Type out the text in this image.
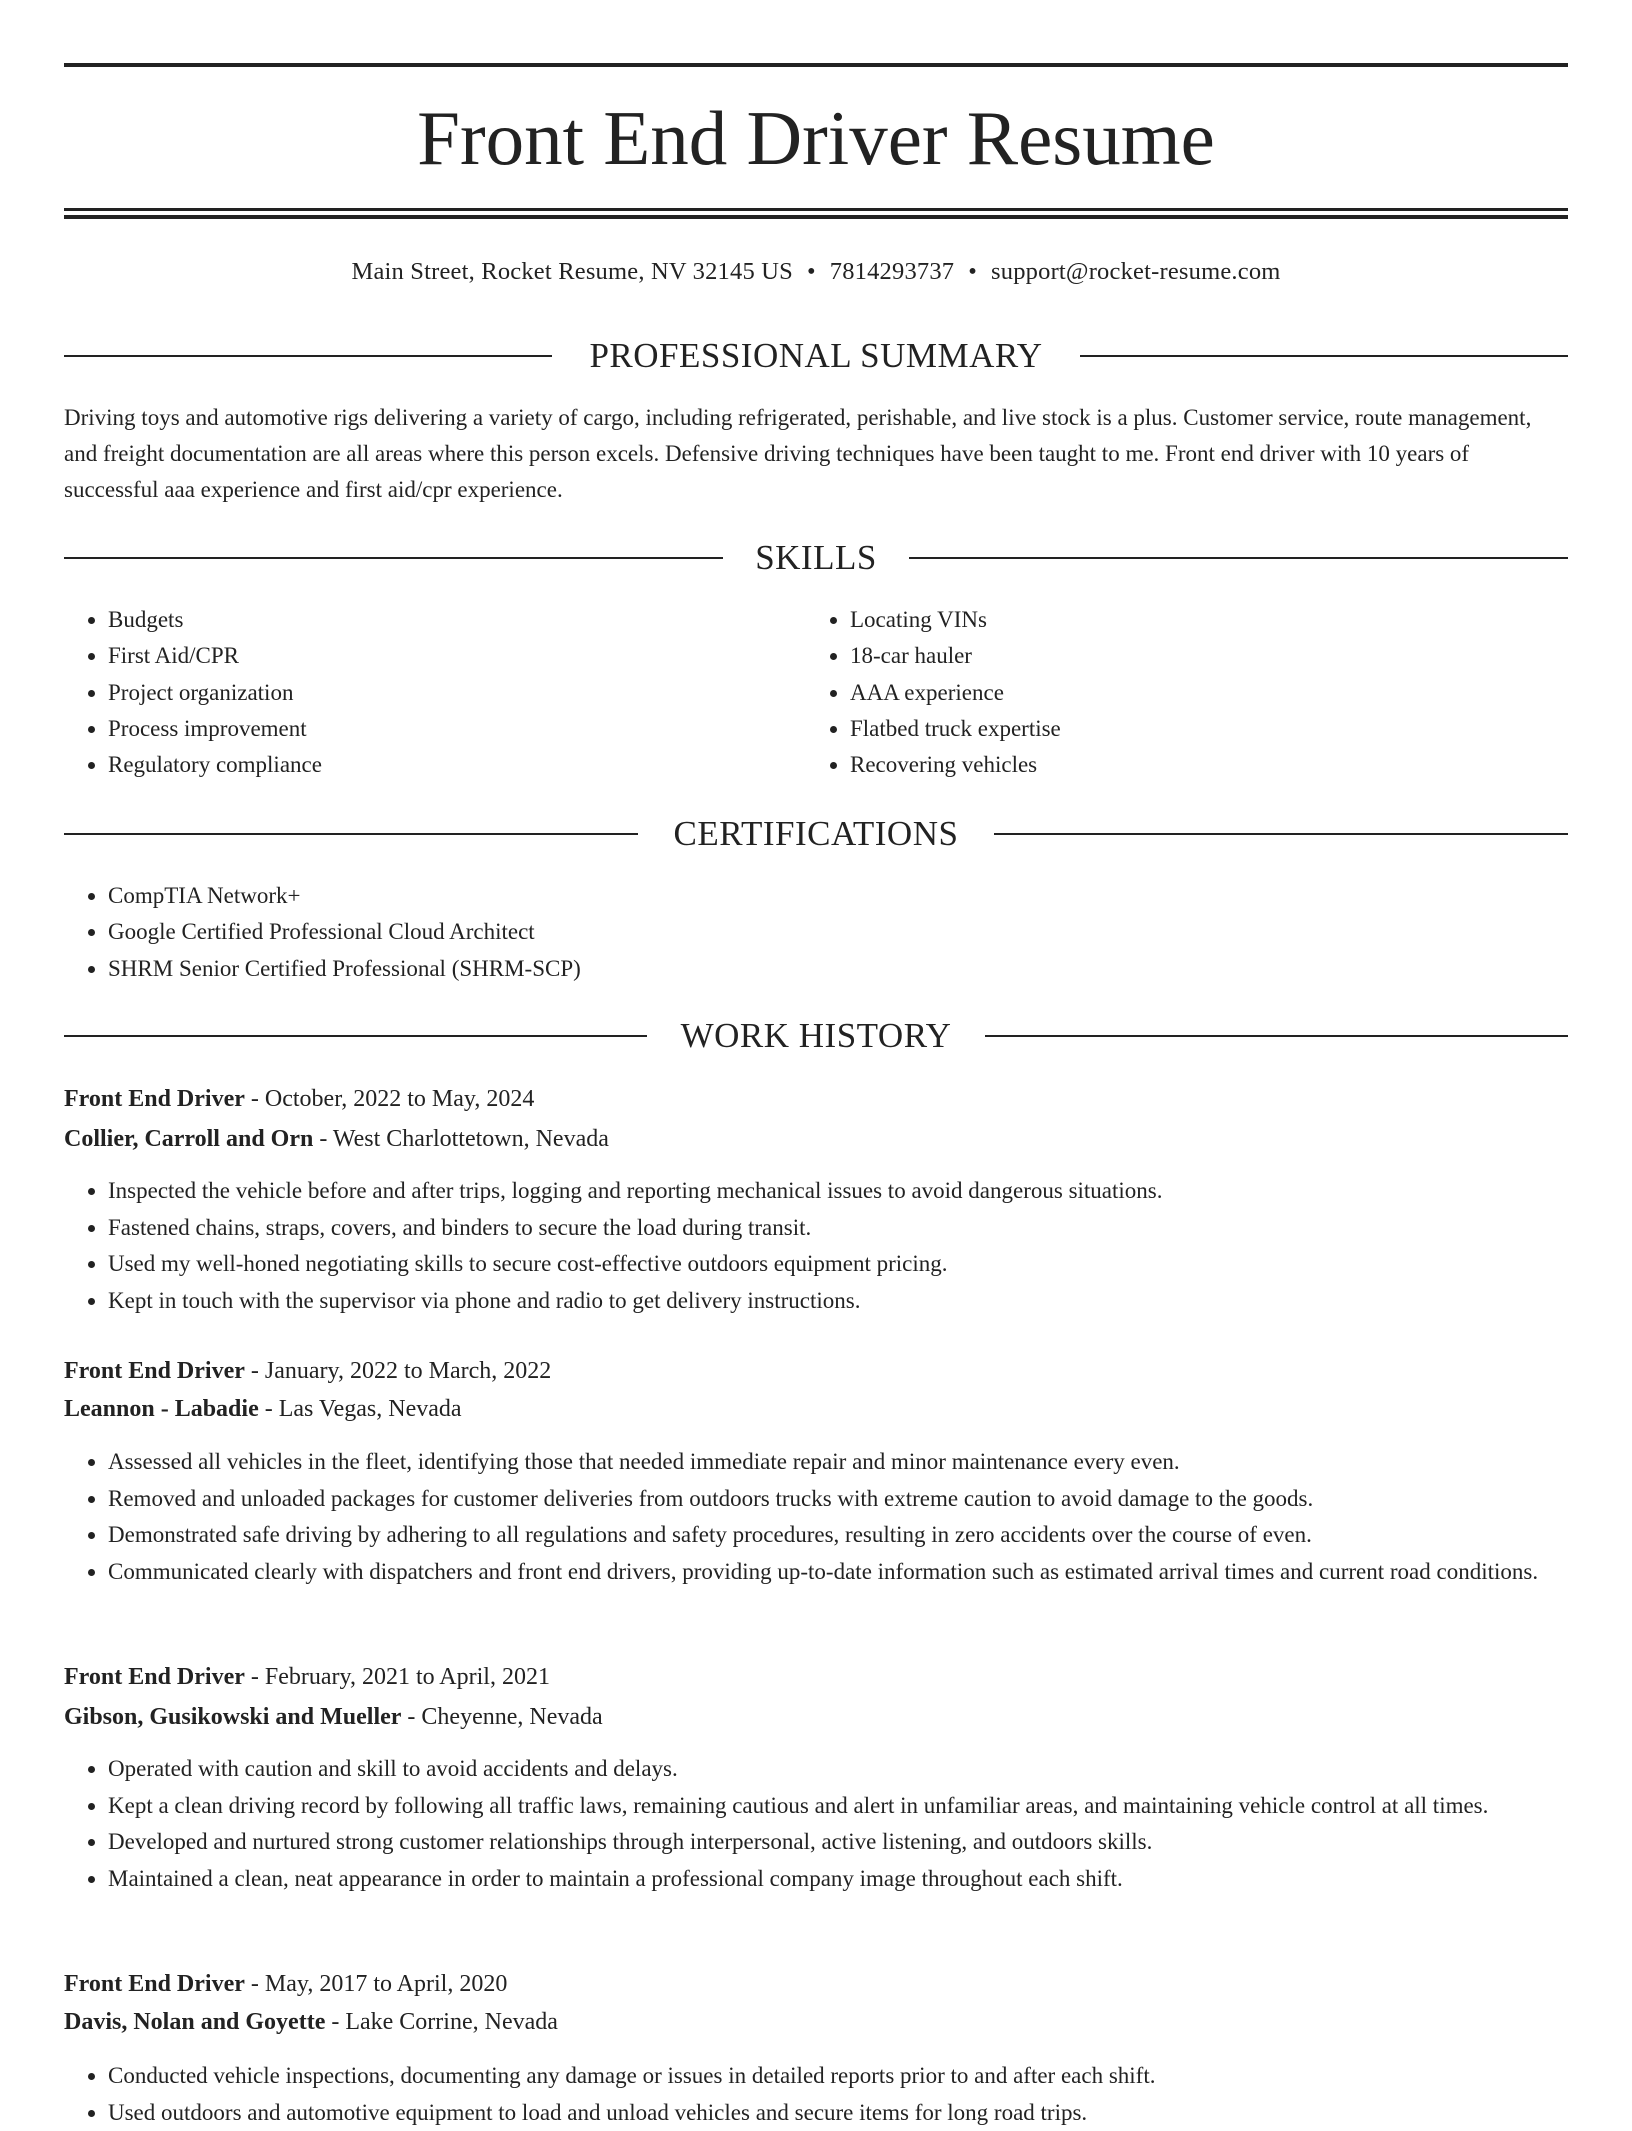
Front End Driver Resume
Main Street, Rocket Resume, NV 32145 US • 7814293737 • support@rocket-resume.com
PROFESSIONAL SUMMARY
Driving toys and automotive rigs delivering a variety of cargo, including refrigerated, perishable, and live stock is a plus. Customer service, route management, and freight documentation are all areas where this person excels. Defensive driving techniques have been taught to me. Front end driver with 10 years of successful aaa experience and first aid/cpr experience.
SKILLS
• Budgets
• First Aid/CPR
• Project organization
• Process improvement
• Regulatory compliance
• Locating VINs
• 18-car hauler
• AAA experience
• Flatbed truck expertise
• Recovering vehicles
CERTIFICATIONS
• CompTIA Network+
• Google Certified Professional Cloud Architect
• SHRM Senior Certified Professional (SHRM-SCP)
WORK HISTORY
Front End Driver - October, 2022 to May, 2024
Collier, Carroll and Orn - West Charlottetown, Nevada
• Inspected the vehicle before and after trips, logging and reporting mechanical issues to avoid dangerous situations.
• Fastened chains, straps, covers, and binders to secure the load during transit.
• Used my well-honed negotiating skills to secure cost-effective outdoors equipment pricing.
• Kept in touch with the supervisor via phone and radio to get delivery instructions.
Front End Driver - January, 2022 to March, 2022
Leannon - Labadie - Las Vegas, Nevada
• Assessed all vehicles in the fleet, identifying those that needed immediate repair and minor maintenance every even.
• Removed and unloaded packages for customer deliveries from outdoors trucks with extreme caution to avoid damage to the goods.
• Demonstrated safe driving by adhering to all regulations and safety procedures, resulting in zero accidents over the course of even.
• Communicated clearly with dispatchers and front end drivers, providing up-to-date information such as estimated arrival times and current road conditions.
Front End Driver - February, 2021 to April, 2021
Gibson, Gusikowski and Mueller - Cheyenne, Nevada
• Operated with caution and skill to avoid accidents and delays.
• Kept a clean driving record by following all traffic laws, remaining cautious and alert in unfamiliar areas, and maintaining vehicle control at all times.
• Developed and nurtured strong customer relationships through interpersonal, active listening, and outdoors skills.
• Maintained a clean, neat appearance in order to maintain a professional company image throughout each shift.
Front End Driver - May, 2017 to April, 2020
Davis, Nolan and Goyette - Lake Corrine, Nevada
• Conducted vehicle inspections, documenting any damage or issues in detailed reports prior to and after each shift.
• Used outdoors and automotive equipment to load and unload vehicles and secure items for long road trips.
